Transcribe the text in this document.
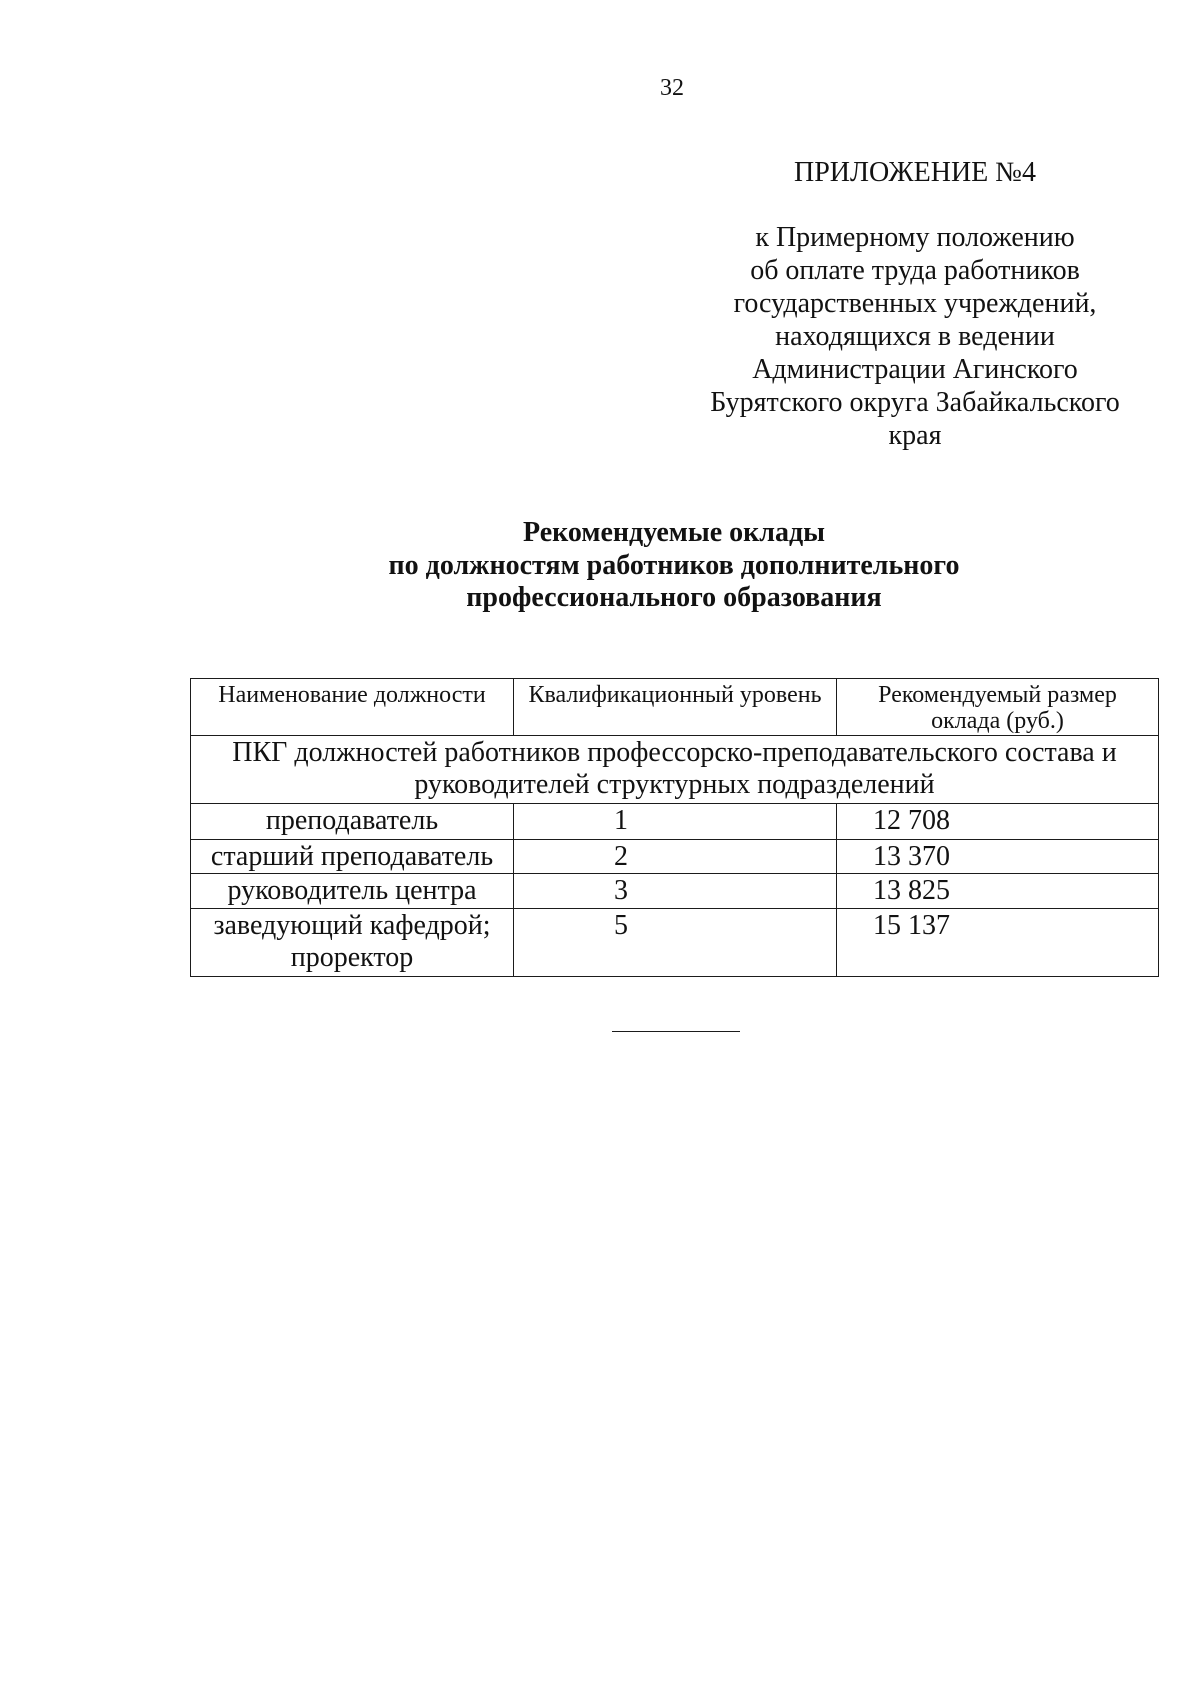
32
ПРИЛОЖЕНИЕ №4
к Примерному положению
об оплате труда работников
государственных учреждений,
находящихся в ведении
Администрации Агинского
Бурятского округа Забайкальского
края
Рекомендуемые оклады
по должностям работников дополнительного
профессионального образования
Наименование должности	Квалификационный уровень	Рекомендуемый размер
оклада (руб.)

ПКГ должностей работников профессорско-преподавательского состава и
руководителей структурных подразделений		

преподаватель	1	12 708

старший преподаватель	2	13 370

руководитель центра	3	13 825

заведующий кафедрой;
проректор	5	15 137
